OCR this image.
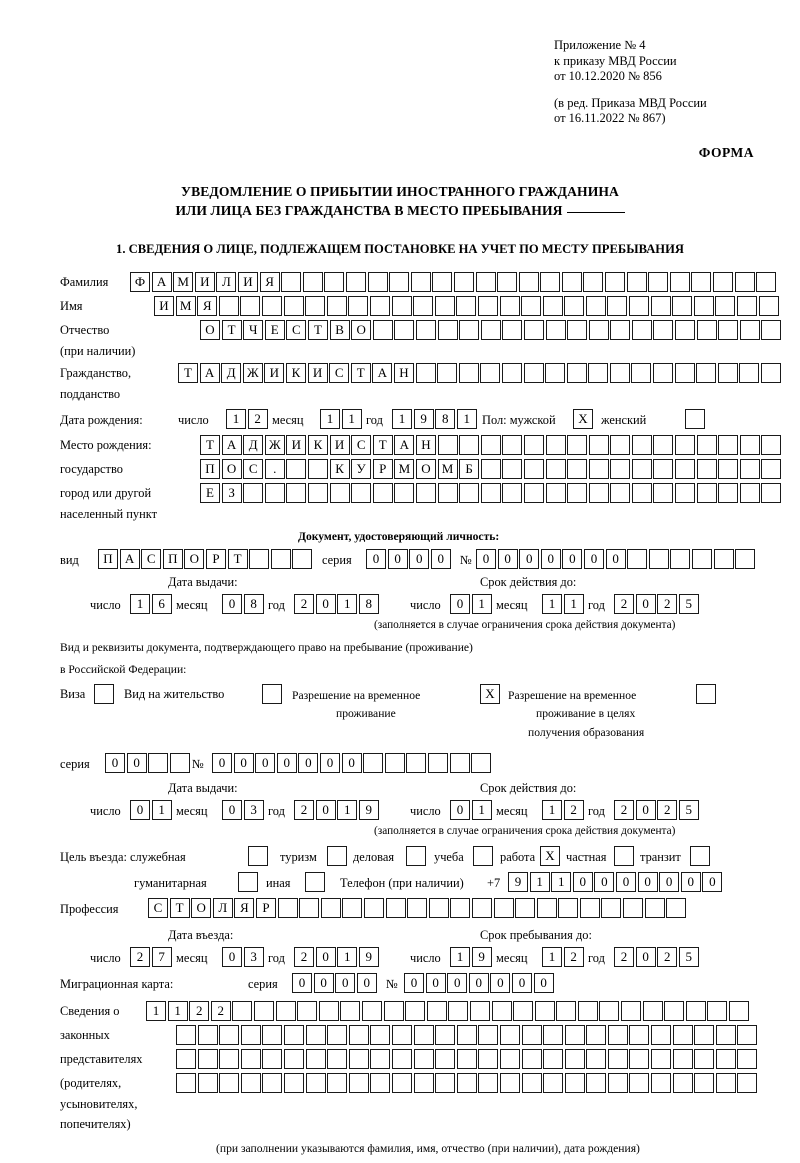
Приложение № 4
к приказу МВД России
от 10.12.2020 № 856
(в ред. Приказа МВД России
от 16.11.2022 № 867)
ФОРМА
УВЕДОМЛЕНИЕ О ПРИБЫТИИ ИНОСТРАННОГО ГРАЖДАНИНА
ИЛИ ЛИЦА БЕЗ ГРАЖДАНСТВА В МЕСТО ПРЕБЫВАНИЯ
1. СВЕДЕНИЯ О ЛИЦЕ, ПОДЛЕЖАЩЕМ ПОСТАНОВКЕ НА УЧЕТ ПО МЕСТУ ПРЕБЫВАНИЯ
Фамилия	Ф А М И Л И Я
Имя	И М Я
Отчество	О Т	Ч	Е	С	Т	В О
(при наличии)
Гражданство,	Т А Д Ж И К И С	Т А Н
подданство
Дата рождения:	число	1	2 месяц	1	1 год	1	9	8	1 Пол: мужской	X	женский
Место рождения:	Т А Д Ж И К И С	Т А Н
государство	П О С	.	К У	Р М О М Б
город или другой	Е	З
населенный пункт
Документ, удостоверяющий личность:
вид	П А С П О	Р	Т	серия	0	0	0	0	№ 0	0	0	0	0	0	0
Дата выдачи:	Срок действия до:
число	1	6 месяц	0	8 год	2	0	1	8	число	0	1 месяц	1	1 год	2	0	2	5
(заполняется в случае ограничения срока действия документа)
Вид и реквизиты документа, подтверждающего право на пребывание (проживание)
в Российской Федерации:
Виза	Вид на жительство	Разрешение на временное	X	Разрешение на временное
проживание	проживание в целях
получения образования
серия	0	0	№	0	0	0	0	0	0	0
Дата выдачи:	Срок действия до:
число	0	1 месяц	0	3 год	2	0	1	9	число	0	1 месяц	1	2 год	2	0	2	5
(заполняется в случае ограничения срока действия документа)
Цель въезда: служебная	туризм	деловая	учеба	работа X частная	транзит
гуманитарная	иная	Телефон (при наличии) +7	9	1	1	0	0	0	0	0	0	0
Профессия	С	Т О Л Я	Р
Дата въезда:	Срок пребывания до:
число	2	7 месяц	0	3 год	2	0	1	9	число	1	9 месяц	1	2 год	2	0	2	5
Миграционная карта:	серия	0	0	0	0	№ 0	0	0	0	0	0	0
Сведения о	1	1	2	2
законных
представителях
(родителях,
усыновителях,
попечителях)
(при заполнении указываются фамилия, имя, отчество (при наличии), дата рождения)
